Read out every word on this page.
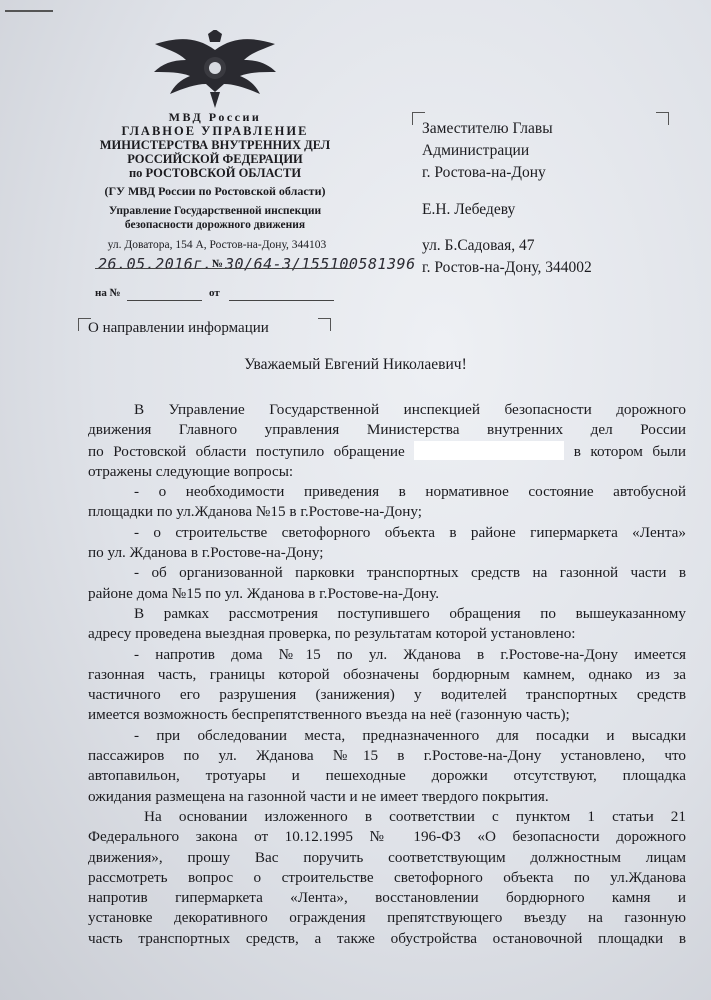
МВД России
ГЛАВНОЕ УПРАВЛЕНИЕ
МИНИСТЕРСТВА ВНУТРЕННИХ ДЕЛ
РОССИЙСКОЙ ФЕДЕРАЦИИ
по РОСТОВСКОЙ ОБЛАСТИ
(ГУ МВД России по Ростовской области)
Управление Государственной инспекции
безопасности дорожного движения
ул. Доватора, 154 А, Ростов-на-Дону, 344103
26.05.2016г. № 30/64-3/155100581396
на №	от
Заместителю Главы
Администрации
г. Ростова-на-Дону
Е.Н. Лебедеву
ул. Б.Садовая, 47
г. Ростов-на-Дону, 344002
О направлении информации
Уважаемый Евгений Николаевич!

В Управление Государственной инспекцией безопасности дорожного

движения Главного управления Министерства внутренних дел России

по Ростовской области поступило обращение	в котором были

отражены следующие вопросы:

- о необходимости приведения в нормативное состояние автобусной

площадки по ул.Жданова №15 в г.Ростове-на-Дону;

- о строительстве светофорного объекта в районе гипермаркета «Лента»

по ул. Жданова в г.Ростове-на-Дону;

- об организованной парковки транспортных средств на газонной части в

районе дома №15 по ул. Жданова в г.Ростове-на-Дону.

В рамках рассмотрения поступившего обращения по вышеуказанному

адресу проведена выездная проверка, по результатам которой установлено:

- напротив дома №15 по ул. Жданова в г.Ростове-на-Дону имеется

газонная часть, границы которой обозначены бордюрным камнем, однако из за

частичного его разрушения (занижения) у водителей транспортных средств

имеется возможность беспрепятственного въезда на неё (газонную часть);

- при обследовании места, предназначенного для посадки и высадки

пассажиров по ул. Жданова №15 в г.Ростове-на-Дону установлено, что

автопавильон, тротуары и пешеходные дорожки отсутствуют, площадка

ожидания размещена на газонной части и не имеет твердого покрытия.

На основании изложенного в соответствии с пунктом 1 статьи 21

Федерального закона от 10.12.1995 № 196-ФЗ «О безопасности дорожного

движения», прошу Вас поручить соответствующим должностным лицам

рассмотреть вопрос о строительстве светофорного объекта по ул.Жданова

напротив гипермаркета «Лента», восстановлении бордюрного камня и

установке декоративного ограждения препятствующего въезду на газонную

часть транспортных средств, а также обустройства остановочной площадки в
